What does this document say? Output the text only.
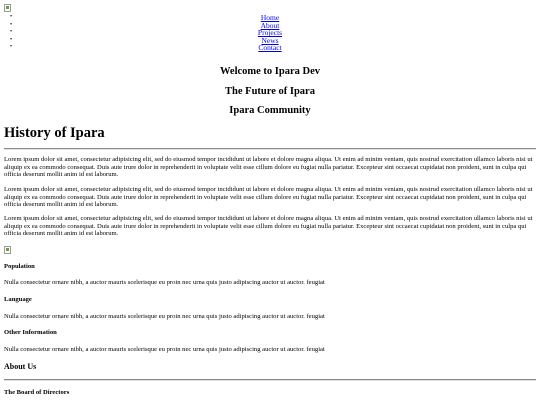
• •	Home
• •	About
• •	Projects
• •	News
• •	Contact
Welcome to Ipara Dev
The Future of Ipara
Ipara Community
History of Ipara

Lorem ipsum dolor sit amet, consectetur adipisicing elit, sed do eiusmod tempor incididunt ut labore et dolore magna aliqua. Ut enim ad minim veniam, quis nostrud exercitation ullamco laboris nisi ut aliquip ex ea commodo consequat. Duis aute irure dolor in reprehenderit in voluptate velit esse cillum dolore eu fugiat nulla pariatur. Excepteur sint occaecat cupidatat non proident, sunt in culpa qui officia deserunt mollit anim id est laborum.

Lorem ipsum dolor sit amet, consectetur adipisicing elit, sed do eiusmod tempor incididunt ut labore et dolore magna aliqua. Ut enim ad minim veniam, quis nostrud exercitation ullamco laboris nisi ut aliquip ex ea commodo consequat. Duis aute irure dolor in reprehenderit in voluptate velit esse cillum dolore eu fugiat nulla pariatur. Excepteur sint occaecat cupidatat non proident, sunt in culpa qui officia deserunt mollit anim id est laborum.

Lorem ipsum dolor sit amet, consectetur adipisicing elit, sed do eiusmod tempor incididunt ut labore et dolore magna aliqua. Ut enim ad minim veniam, quis nostrud exercitation ullamco laboris nisi ut aliquip ex ea commodo consequat. Duis aute irure dolor in reprehenderit in voluptate velit esse cillum dolore eu fugiat nulla pariatur. Excepteur sint occaecat cupidatat non proident, sunt in culpa qui officia deserunt mollit anim id est laborum.

Population

Nulla consectetur ornare nibh, a auctor mauris scelerisque eu proin nec urna quis justo adipiscing auctor ut auctor. feugiat

Language

Nulla consectetur ornare nibh, a auctor mauris scelerisque eu proin nec urna quis justo adipiscing auctor ut auctor. feugiat

Other Information

Nulla consectetur ornare nibh, a auctor mauris scelerisque eu proin nec urna quis justo adipiscing auctor ut auctor. feugiat

About Us

The Board of Directors
